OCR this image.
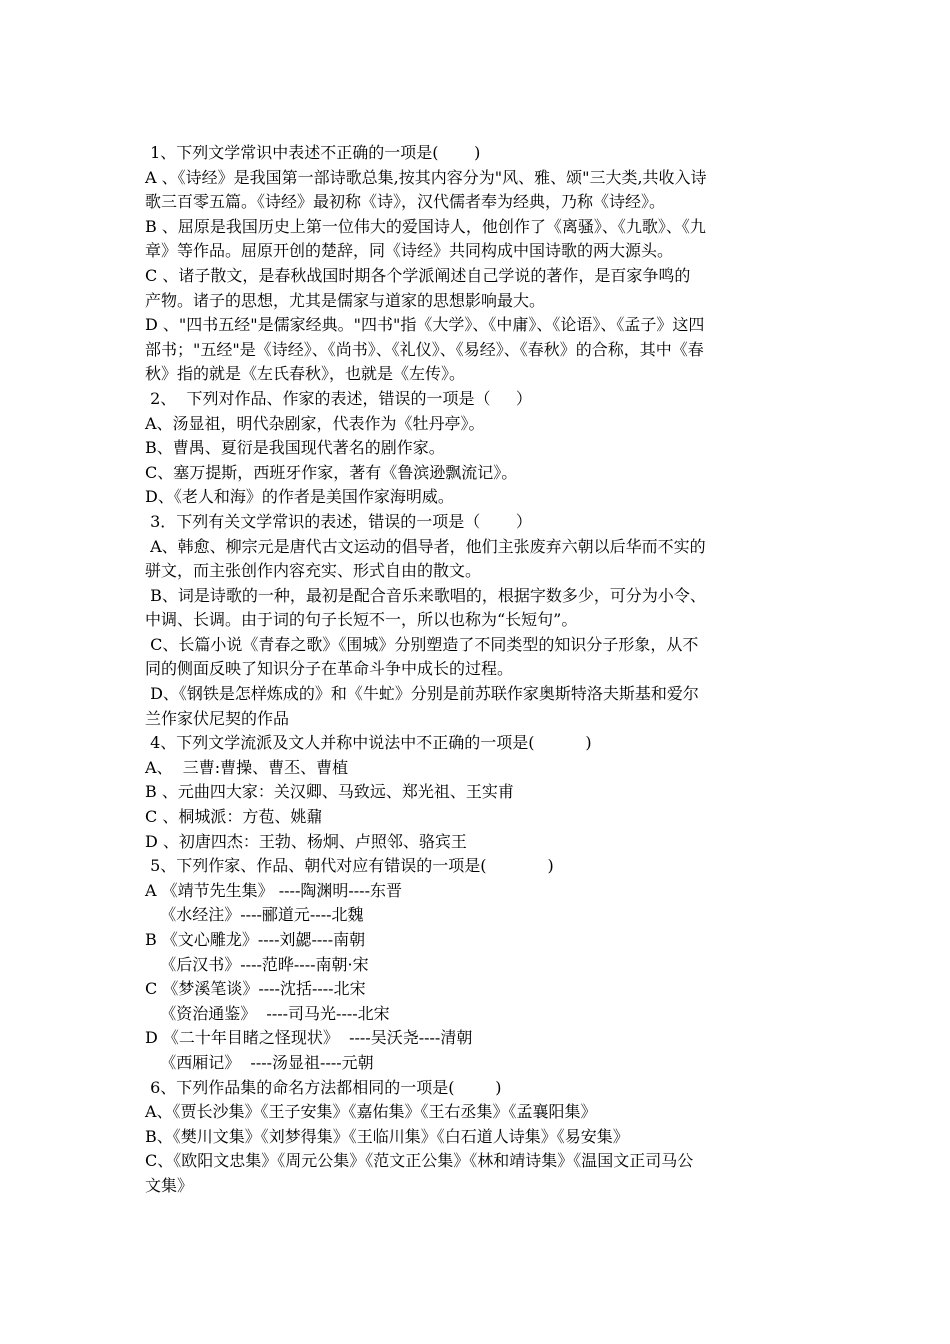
1、下列文学常识中表述不正确的一项是(       )
A 、《诗经》是我国第一部诗歌总集,按其内容分为"风、雅、颂"三大类,共收入诗
歌三百零五篇。《诗经》最初称《诗》，汉代儒者奉为经典，乃称《诗经》。
B 、屈原是我国历史上第一位伟大的爱国诗人，他创作了《离骚》、《九歌》、《九
章》等作品。屈原开创的楚辞，同《诗经》共同构成中国诗歌的两大源头。
C 、诸子散文，是春秋战国时期各个学派阐述自己学说的著作，是百家争鸣的
产物。诸子的思想，尤其是儒家与道家的思想影响最大。
D 、"四书五经"是儒家经典。"四书"指《大学》、《中庸》、《论语》、《孟子》这四
部书；"五经"是《诗经》、《尚书》、《礼仪》、《易经》、《春秋》的合称，其中《春
秋》指的就是《左氏春秋》，也就是《左传》。
2、  下列对作品、作家的表述，错误的一项是（     ）
A、汤显祖，明代杂剧家，代表作为《牡丹亭》。
B、曹禺、夏衍是我国现代著名的剧作家。
C、塞万提斯，西班牙作家，著有《鲁滨逊飘流记》。
D、《老人和海》的作者是美国作家海明威。
3．下列有关文学常识的表述，错误的一项是（       ）
A、韩愈、柳宗元是唐代古文运动的倡导者，他们主张废弃六朝以后华而不实的
骈文，而主张创作内容充实、形式自由的散文。
B、词是诗歌的一种，最初是配合音乐来歌唱的，根据字数多少，可分为小令、
中调、长调。由于词的句子长短不一，所以也称为“长短句”。
C、长篇小说《青春之歌》《围城》分别塑造了不同类型的知识分子形象，从不
同的侧面反映了知识分子在革命斗争中成长的过程。
D、《钢铁是怎样炼成的》和《牛虻》分别是前苏联作家奥斯特洛夫斯基和爱尔
兰作家伏尼契的作品
4、下列文学流派及文人并称中说法中不正确的一项是(          )
A、  三曹:曹操、曹丕、曹植
B 、元曲四大家：关汉卿、马致远、郑光祖、王实甫
C 、桐城派：方苞、姚鼐
D 、初唐四杰：王勃、杨炯、卢照邻、骆宾王
5、下列作家、作品、朝代对应有错误的一项是(            )
A 《靖节先生集》 ----陶渊明----东晋
《水经注》----郦道元----北魏
B 《文心雕龙》----刘勰----南朝
《后汉书》----范晔----南朝·宋
C 《梦溪笔谈》----沈括----北宋
《资治通鉴》  ----司马光----北宋
D 《二十年目睹之怪现状》  ----吴沃尧----清朝
《西厢记》  ----汤显祖----元朝
6、下列作品集的命名方法都相同的一项是(        )
A、《贾长沙集》《王子安集》《嘉佑集》《王右丞集》《孟襄阳集》
B、《樊川文集》《刘梦得集》《王临川集》《白石道人诗集》《易安集》
C、《欧阳文忠集》《周元公集》《范文正公集》《林和靖诗集》《温国文正司马公
文集》
